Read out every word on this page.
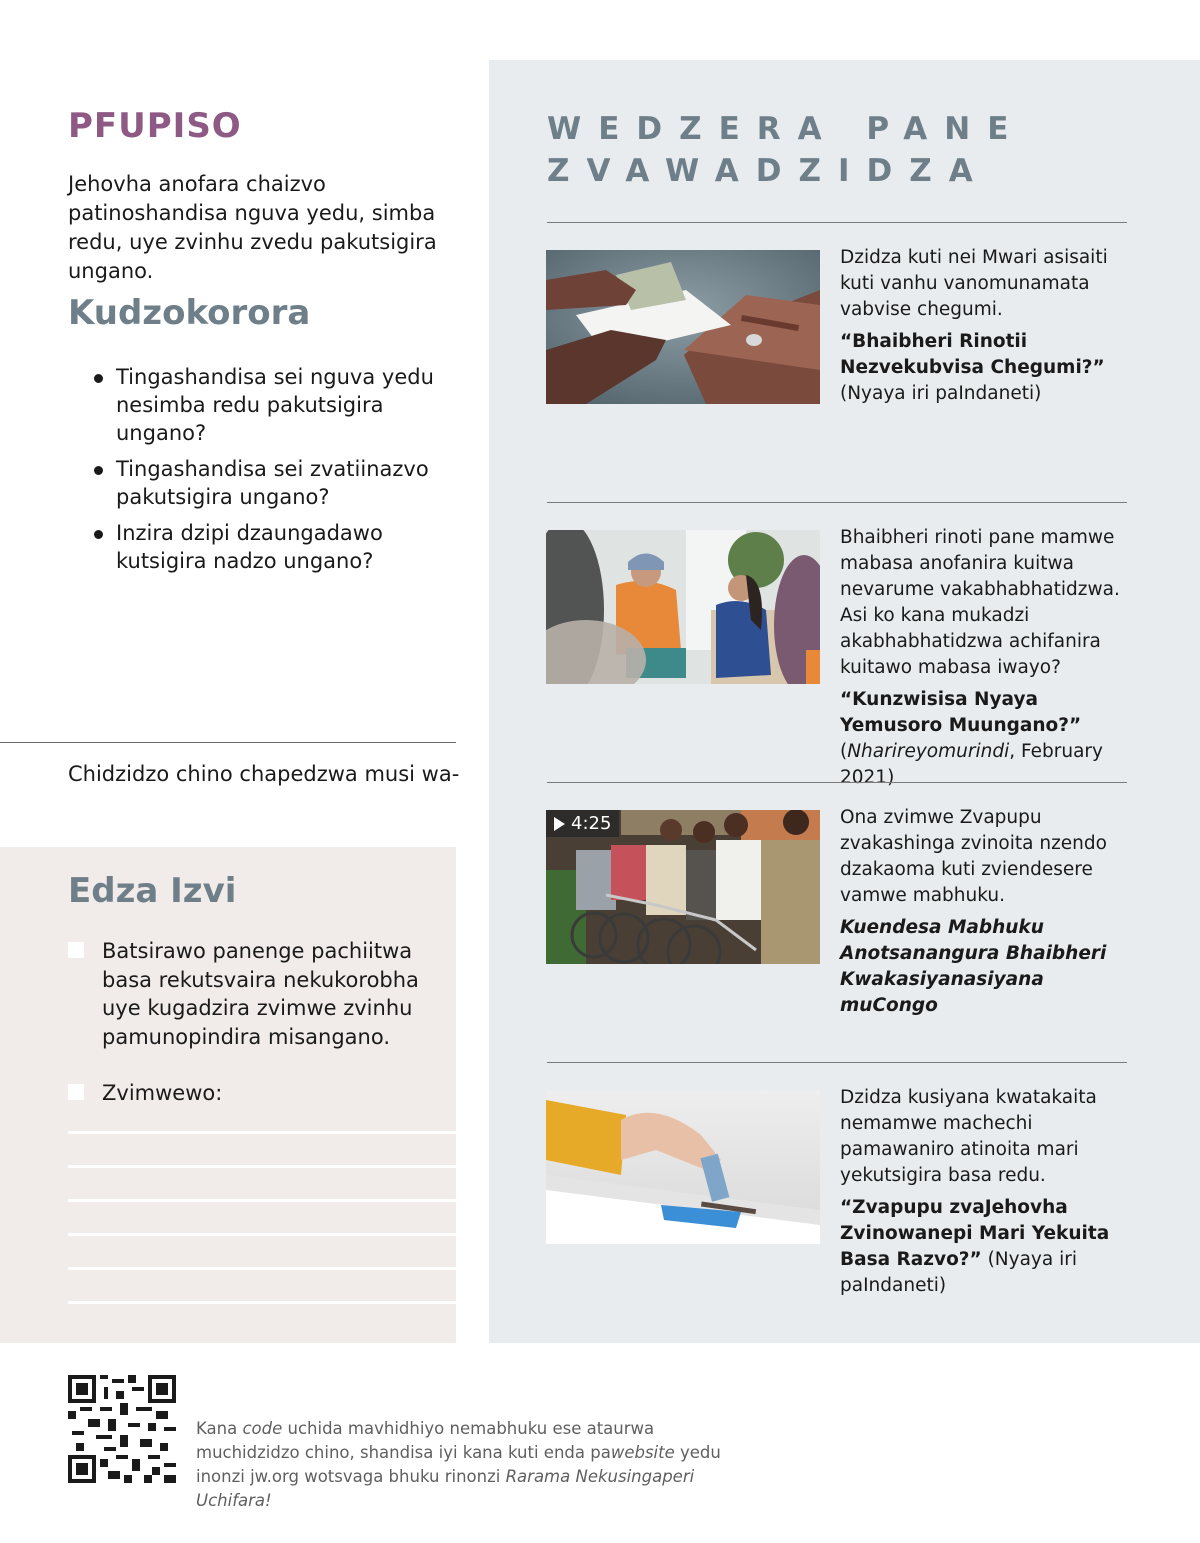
PFUPISO

Jehovha anofara chaizvo patinoshandisa nguva yedu, simba redu, uye zvinhu zvedu pakutsigira ungano.

Kudzokorora
Tingashandisa sei nguva yedu nesimba redu pakutsigira ungano?
Tingashandisa sei zvatiinazvo pakutsigira ungano?
Inzira dzipi dzaungadawo kutsigira nadzo ungano?
Chidzidzo chino chapedzwa musi wa-
Edza Izvi
Batsirawo panenge pachiitwa basa rekutsvaira nekukorobha uye kugadzira zvimwe zvinhu pamunopindira misangano.
Zvimwewo:
WEDZERA PANE ZVAWADZIDZA
Dzidza kuti nei Mwari asisaiti kuti vanhu vanomunamata vabvise chegumi.
“Bhaibheri Rinotii Nezvekubvisa Chegumi?” (Nyaya iri paIndaneti)
Bhaibheri rinoti pane mamwe mabasa anofanira kuitwa nevarume vakabhabhatidzwa. Asi ko kana mukadzi akabhabhatidzwa achifanira kuitawo mabasa iwayo?
“Kunzwisisa Nyaya Yemusoro Muungano?” (Nharireyomurindi, February 2021)
4:25	Ona zvimwe Zvapupu zvakashinga zvinoita nzendo dzakaoma kuti zviendesere vamwe mabhuku.
Kuendesa Mabhuku Anotsanangura Bhaibheri Kwakasiyanasiyana muCongo
Dzidza kusiyana kwatakaita nemamwe machechi pamawaniro atinoita mari yekutsigira basa redu.
“Zvapupu zvaJehovha Zvinowanepi Mari Yekuita Basa Razvo?” (Nyaya iri paIndaneti)

Kana code uchida mavhidhiyo nemabhuku ese ataurwa muchidzidzo chino, shandisa iyi kana kuti enda pawebsite yedu inonzi jw.org wotsvaga bhuku rinonzi Rarama Nekusingaperi Uchifara!
